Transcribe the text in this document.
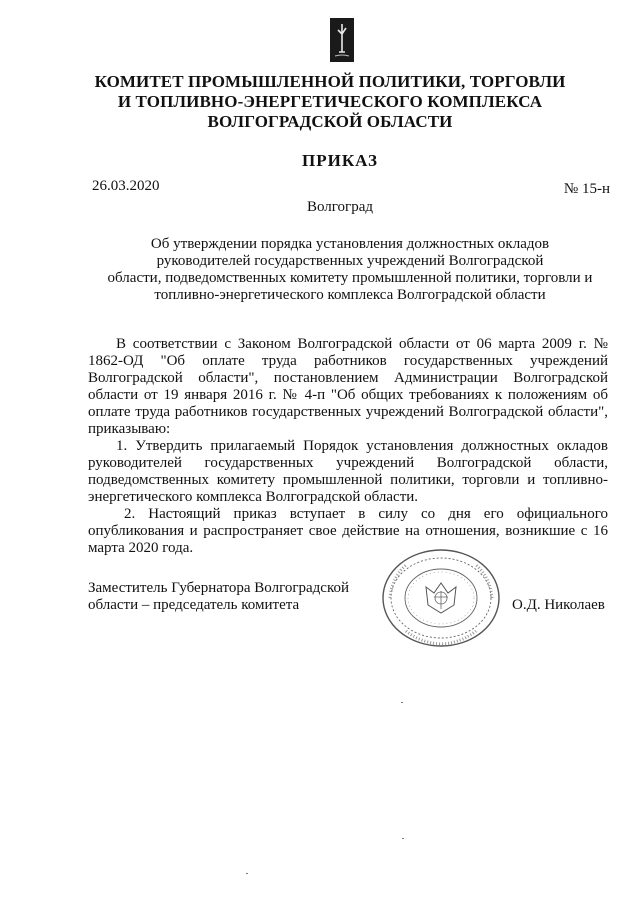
КОМИТЕТ ПРОМЫШЛЕННОЙ ПОЛИТИКИ, ТОРГОВЛИ
И ТОПЛИВНО-ЭНЕРГЕТИЧЕСКОГО КОМПЛЕКСА
ВОЛГОГРАДСКОЙ ОБЛАСТИ
ПРИКАЗ
26.03.2020	№ 15-н
Волгоград
Об утверждении порядка установления должностных окладов
руководителей государственных учреждений Волгоградской
области, подведомственных комитету промышленной политики, торговли и
топливно-энергетического комплекса Волгоградской области

В соответствии с Законом Волгоградской области от 06 марта 2009 г. № 1862-ОД "Об оплате труда работников государственных учреждений Волгоградской области", постановлением Администрации Волгоградской области от 19 января 2016 г. № 4-п "Об общих требованиях к положениям об оплате труда работников государственных учреждений Волгоградской области", приказываю:

1. Утвердить прилагаемый Порядок установления должностных окладов руководителей государственных учреждений Волгоградской области, подведомственных комитету промышленной политики, торговли и топливно-энергетического комплекса Волгоградской области.

2. Настоящий приказ вступает в силу со дня его официального опубликования и распространяет свое действие на отношения, возникшие с 16 марта 2020 года.

Заместитель Губернатора Волгоградской
области – председатель комитета	О.Д. Николаев
